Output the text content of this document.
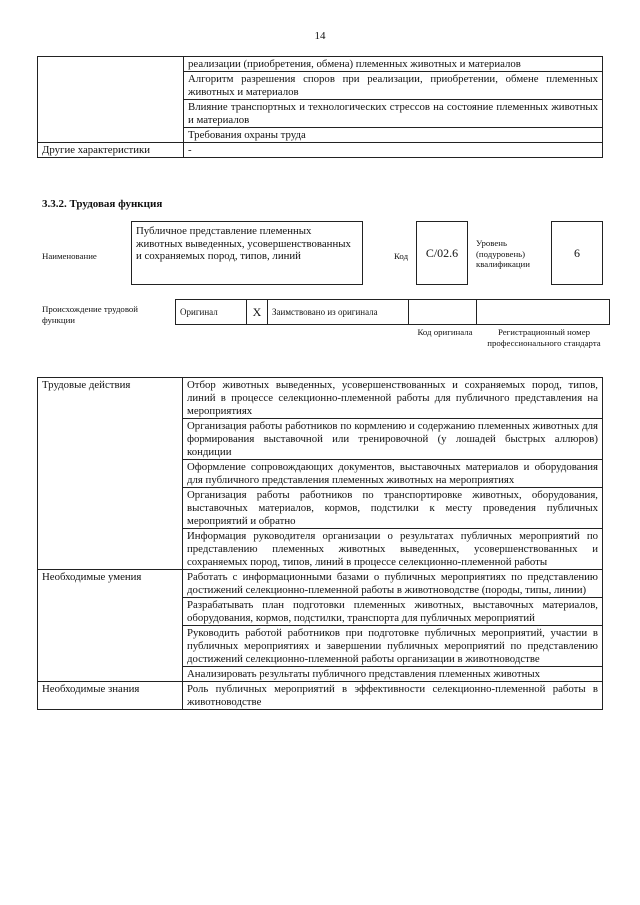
14
	реализации (приобретения, обмена) племенных животных и материалов
	Алгоритм разрешения споров при реализации, приобретении, обмене племенных животных и материалов
	Влияние транспортных и технологических стрессов на состояние племенных животных и материалов
	Требования охраны труда
Другие характеристики	-
3.3.2. Трудовая функция
Наименование
Публичное представление племенных животных выведенных, усовершенствованных и сохраняемых пород, типов, линий	Код	C/02.6
Уровень (подуровень) квалификации
6
Происхождение трудовой функции
Оригинал	X	Заимствовано из оригинала		
Код оригинала	Регистрационный номер профессионального стандарта
Трудовые действия	Отбор животных выведенных, усовершенствованных и сохраняемых пород, типов, линий в процессе селекционно-племенной работы для публичного представления на мероприятиях
	Организация работы работников по кормлению и содержанию племенных животных для формирования выставочной или тренировочной (у лошадей быстрых аллюров) кондиции
	Оформление сопровождающих документов, выставочных материалов и оборудования для публичного представления племенных животных на мероприятиях
	Организация работы работников по транспортировке животных, оборудования, выставочных материалов, кормов, подстилки к месту проведения публичных мероприятий и обратно
	Информация руководителя организации о результатах публичных мероприятий по представлению племенных животных выведенных, усовершенствованных и сохраняемых пород, типов, линий в процессе селекционно-племенной работы
Необходимые умения	Работать с информационными базами о публичных мероприятиях по представлению достижений селекционно-племенной работы в животноводстве (породы, типы, линии)
	Разрабатывать план подготовки племенных животных, выставочных материалов, оборудования, кормов, подстилки, транспорта для публичных мероприятий
	Руководить работой работников при подготовке публичных мероприятий, участии в публичных мероприятиях и завершении публичных мероприятий по представлению достижений селекционно-племенной работы организации в животноводстве
	Анализировать результаты публичного представления племенных животных
Необходимые знания	Роль публичных мероприятий в эффективности селекционно-племенной работы в животноводстве
